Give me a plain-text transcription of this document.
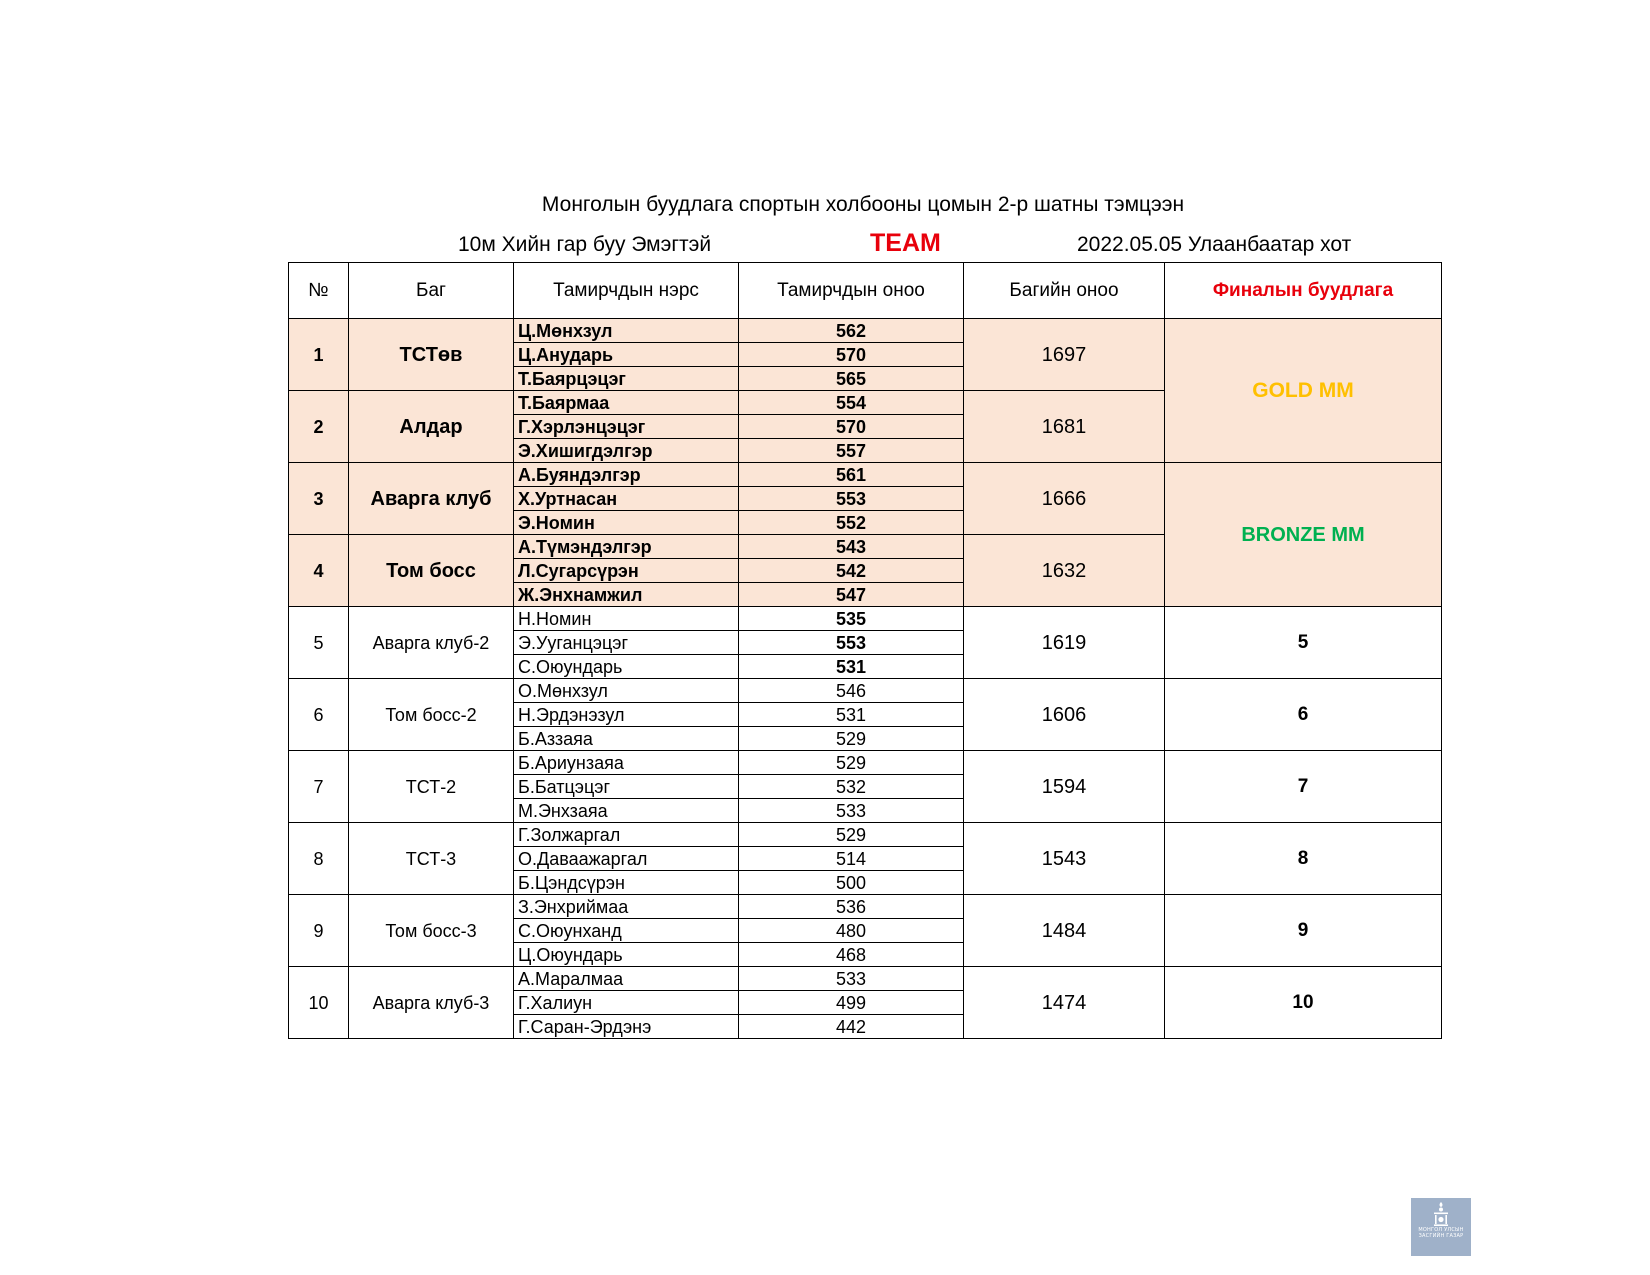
Монголын буудлага спортын холбооны цомын 2-р шатны тэмцээн
10м Хийн гар буу Эмэгтэй	TEAM	2022.05.05 Улаанбаатар хот
№	Баг	Тамирчдын нэрс	Тамирчдын оноо	Багийн оноо	Финалын буудлага
1	ТСТөв	Ц.Мөнхзул	562	1697	GOLD MM
		Ц.Анударь	570		
		Т.Баярцэцэг	565		
2	Алдар	Т.Баярмаа	554	1681	
		Г.Хэрлэнцэцэг	570		
		Э.Хишигдэлгэр	557		
3	Аварга клуб	А.Буяндэлгэр	561	1666	BRONZE MM
		Х.Уртнасан	553		
		Э.Номин	552		
4	Том босс	А.Түмэндэлгэр	543	1632	
		Л.Сугарсүрэн	542		
		Ж.Энхнамжил	547		
5	Аварга клуб-2	Н.Номин	535	1619	5
		Э.Ууганцэцэг	553		
		С.Оюундарь	531		
6	Том босс-2	О.Мөнхзул	546	1606	6
		Н.Эрдэнэзул	531		
		Б.Аззаяа	529		
7	ТСТ-2	Б.Ариунзаяа	529	1594	7
		Б.Батцэцэг	532		
		М.Энхзаяа	533		
8	ТСТ-3	Г.Золжаргал	529	1543	8
		О.Даваажаргал	514		
		Б.Цэндсүрэн	500		
9	Том босс-3	З.Энхриймаа	536	1484	9
		С.Оюунханд	480		
		Ц.Оюундарь	468		
10	Аварга клуб-3	А.Маралмаа	533	1474	10
		Г.Халиун	499		
		Г.Саран-Эрдэнэ	442		
МОНГОЛ УЛСЫН
ЗАСГИЙН ГАЗАР
